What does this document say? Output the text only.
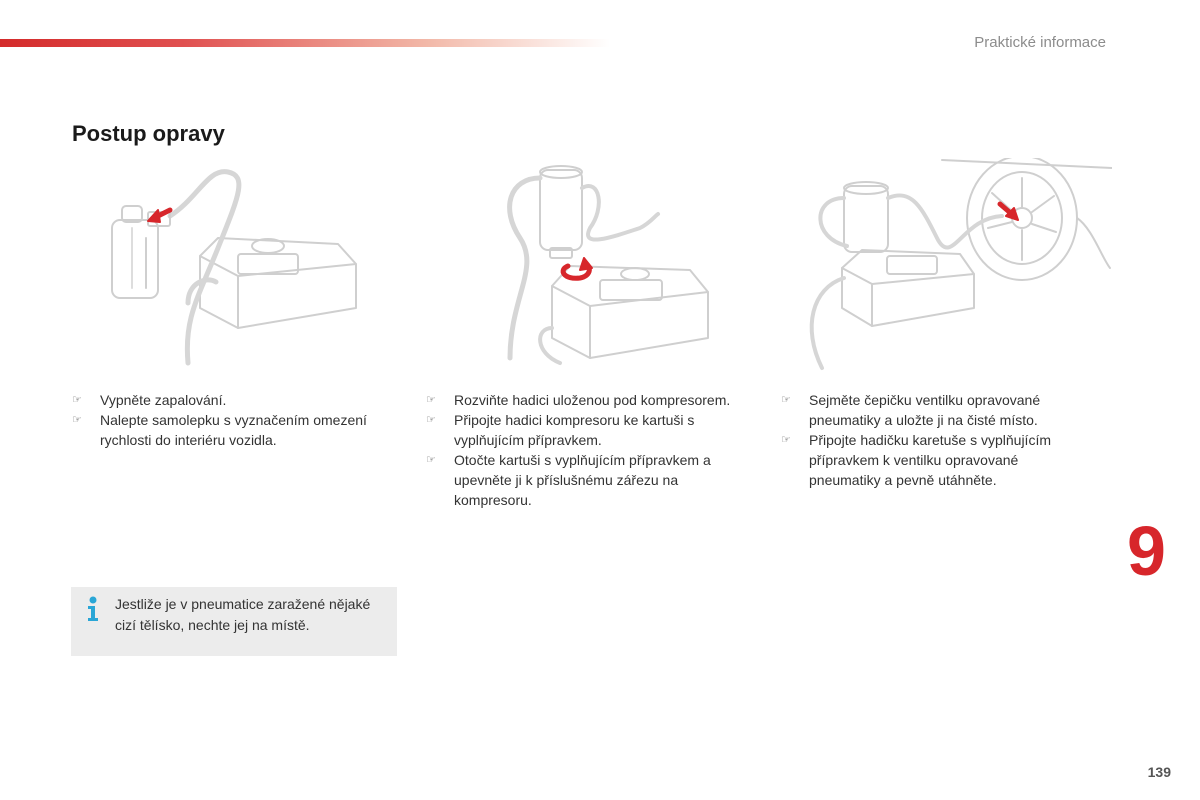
Praktické informace
Postup opravy
☞ Vypněte zapalování.
☞ Nalepte samolepku s vyznačením omezení rychlosti do interiéru vozidla.
☞ Rozviňte hadici uloženou pod kompresorem.
☞ Připojte hadici kompresoru ke kartuši s vyplňujícím přípravkem.
☞ Otočte kartuši s vyplňujícím přípravkem a upevněte ji k příslušnému zářezu na kompresoru.
☞ Sejměte čepičku ventilku opravované pneumatiky a uložte ji na čisté místo.
☞ Připojte hadičku karetuše s vyplňujícím přípravkem k ventilku opravované pneumatiky a pevně utáhněte.
Jestliže je v pneumatice zaražené nějaké cizí tělísko, nechte jej na místě.
9
139
